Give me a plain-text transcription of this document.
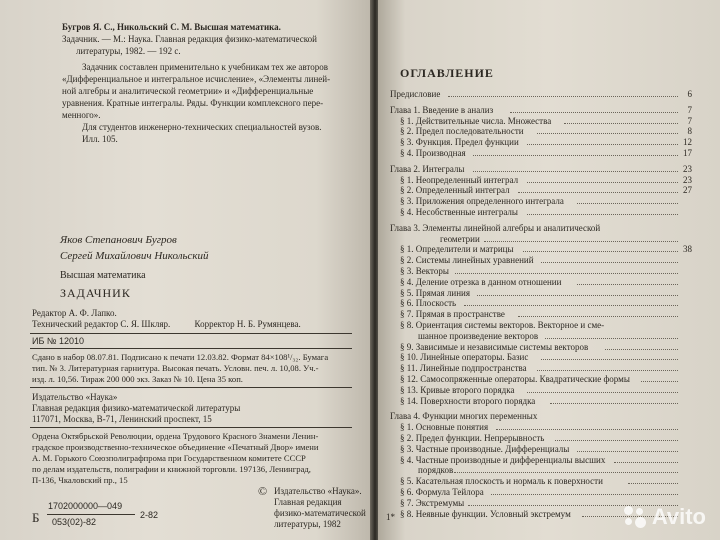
Бугров Я. С., Никольский С. М. Высшая математика.
Задачник. — М.: Наука. Главная редакция физико-математической
литературы, 1982. — 192 с.
Задачник составлен применительно к учебникам тех же авторов
«Дифференциальное и интегральное исчисление», «Элементы линей-
ной алгебры и аналитической геометрии» и «Дифференциальные
уравнения. Кратные интегралы. Ряды. Функции комплексного пере-
менного».
Для студентов инженерно-технических специальностей вузов.
Илл. 105.
Яков Степанович Бугров
Сергей Михайлович Никольский
Высшая математика
ЗАДАЧНИК
Редактор А. Ф. Лапко.
Технический редактор С. Я. Шкляр.	Корректор Н. Б. Румянцева.
ИБ № 12010
Сдано в набор 08.07.81. Подписано к печати 12.03.82. Формат 84×108¹/₃₂. Бумага
тип. № 3. Литературная гарнитура. Высокая печать. Условн. печ. л. 10,08. Уч.-
изд. л. 10,56. Тираж 200 000 экз. Заказ № 10. Цена 35 коп.
Издательство «Наука»
Главная редакция физико-математической литературы
117071, Москва, В-71, Ленинский проспект, 15
Ордена Октябрьской Революции, ордена Трудового Красного Знамени Ленин-
градское производственно-техническое объединение «Печатный Двор» имени
А. М. Горького Союзполиграфпрома при Государственном комитете СССР
по делам издательств, полиграфии и книжной торговли. 197136, Ленинград,
П-136, Чкаловский пр., 15
Б
1702000000—049
053(02)-82
2-82
© Издательство «Наука».
Главная редакция
физико-математической
литературы, 1982
ОГЛАВЛЕНИЕ
Предисловие	6
Глава 1. Введение в анализ	7
§ 1. Действительные числа. Множества	7
§ 2. Предел последовательности	8
§ 3. Функция. Предел функции	12
§ 4. Производная	17
Глава 2. Интегралы	23
§ 1. Неопределенный интеграл	23
§ 2. Определенный интеграл	27
§ 3. Приложения определенного интеграла
§ 4. Несобственные интегралы
Глава 3. Элементы линейной алгебры и аналитической
геометрии
§ 1. Определители и матрицы	38
§ 2. Системы линейных уравнений
§ 3. Векторы
§ 4. Деление отрезка в данном отношении
§ 5. Прямая линия
§ 6. Плоскость
§ 7. Прямая в пространстве
§ 8. Ориентация системы векторов. Векторное и сме-
шанное произведение векторов
§ 9. Зависимые и независимые системы векторов
§ 10. Линейные операторы. Базис
§ 11. Линейные подпространства
§ 12. Самосопряженные операторы. Квадратические формы
§ 13. Кривые второго порядка
§ 14. Поверхности второго порядка
Глава 4. Функции многих переменных
§ 1. Основные понятия
§ 2. Предел функции. Непрерывность
§ 3. Частные производные. Дифференциалы
§ 4. Частные производные и дифференциалы высших
порядков
§ 5. Касательная плоскость и нормаль к поверхности
§ 6. Формула Тейлора
§ 7. Экстремумы
§ 8. Неявные функции. Условный экстремум
1*	Avito
